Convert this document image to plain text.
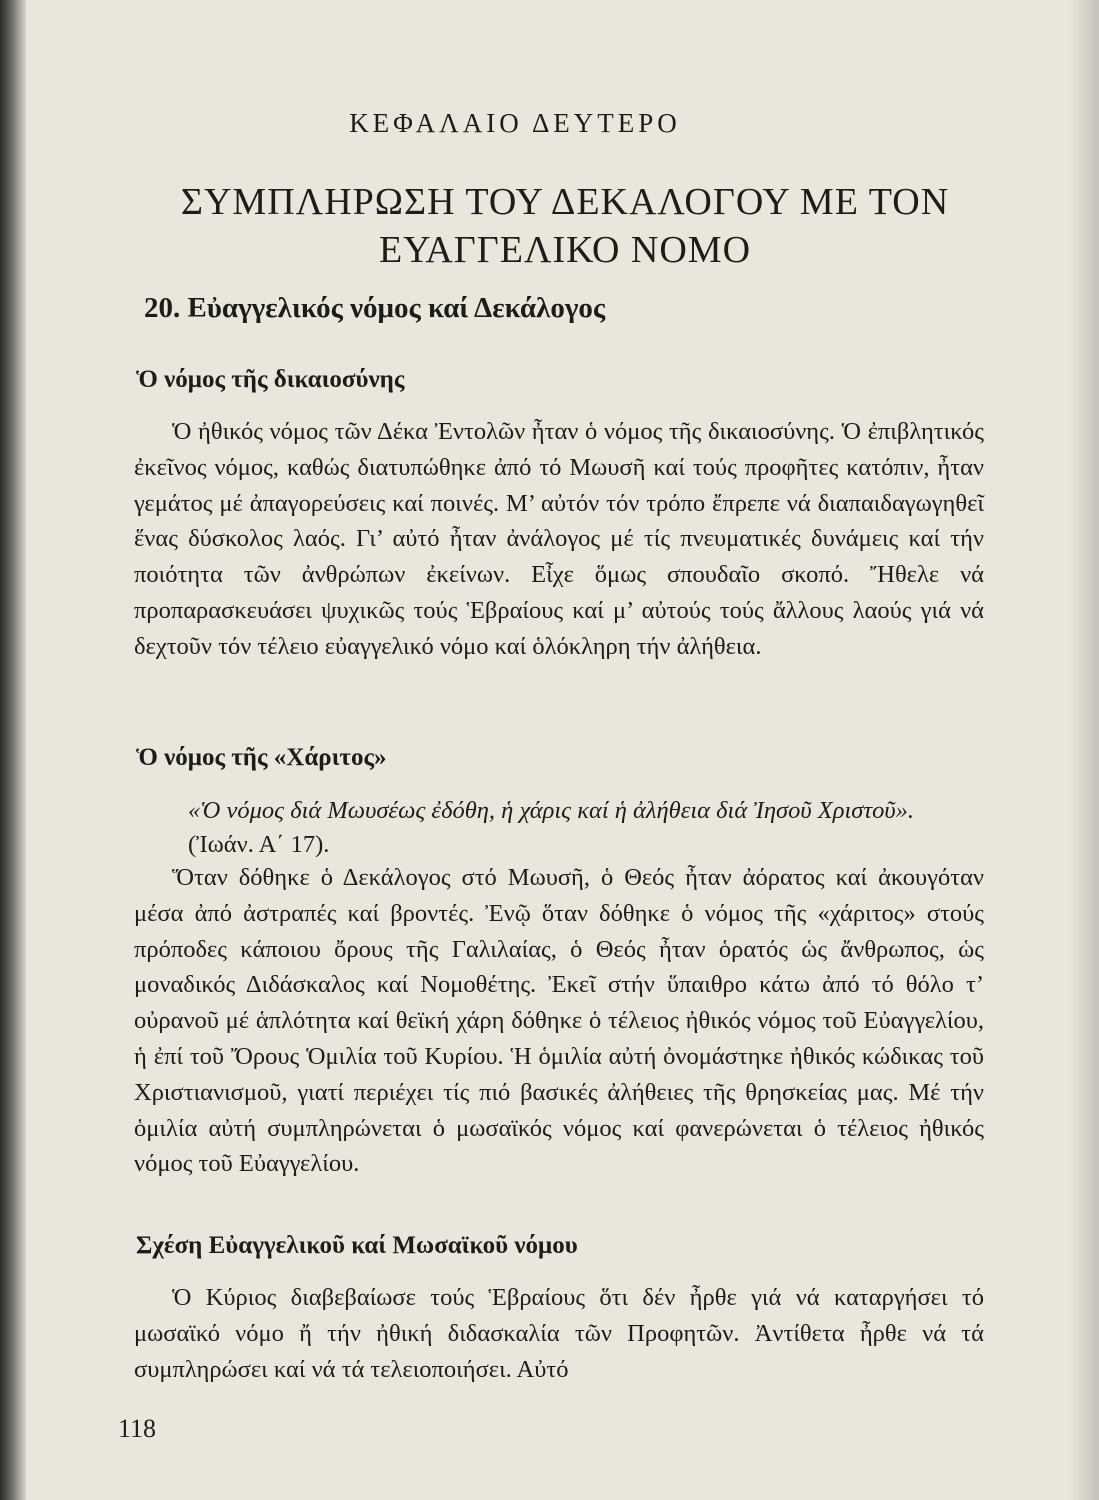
ΚΕΦΑΛΑΙΟ ΔΕΥΤΕΡΟ
ΣΥΜΠΛΗΡΩΣΗ ΤΟΥ ΔΕΚΑΛΟΓΟΥ ΜΕ ΤΟΝ
ΕΥΑΓΓΕΛΙΚΟ ΝΟΜΟ
20. Εὐαγγελικός νόμος καί Δεκάλογος
Ὁ νόμος τῆς δικαιοσύνης

Ὁ ἠθικός νόμος τῶν Δέκα Ἐντολῶν ἦταν ὁ νόμος τῆς δικαιοσύνης. Ὁ ἐπιβλητικός ἐκεῖνος νόμος, καθώς διατυπώθηκε ἀπό τό Μωυσῆ καί τούς προφῆτες κατόπιν, ἦταν γεμάτος μέ ἀπαγορεύσεις καί ποινές. Μ’ αὐτόν τόν τρόπο ἔπρεπε νά διαπαιδαγωγηθεῖ ἕνας δύσκολος λαός. Γι’ αὐτό ἦταν ἀνάλογος μέ τίς πνευματικές δυνάμεις καί τήν ποιότητα τῶν ἀνθρώπων ἐκείνων. Εἶχε ὅμως σπουδαῖο σκοπό. Ἤθελε νά προπαρασκευάσει ψυχικῶς τούς Ἑβραίους καί μ’ αὐτούς τούς ἄλλους λαούς γιά νά δεχτοῦν τόν τέλειο εὐαγγελικό νόμο καί ὁλόκληρη τήν ἀλήθεια.

Ὁ νόμος τῆς «Χάριτος»

«Ὁ νόμος διά Μωυσέως ἐδόθη, ἡ χάρις καί ἡ ἀλήθεια διά Ἰησοῦ Χριστοῦ». (Ἰωάν. Α΄ 17).

Ὅταν δόθηκε ὁ Δεκάλογος στό Μωυσῆ, ὁ Θεός ἦταν ἀόρατος καί ἀκουγόταν μέσα ἀπό ἀστραπές καί βροντές. Ἐνῷ ὅταν δόθηκε ὁ νόμος τῆς «χάριτος» στούς πρόποδες κάποιου ὄρους τῆς Γαλιλαίας, ὁ Θεός ἦταν ὁρατός ὡς ἄνθρωπος, ὡς μοναδικός Διδάσκαλος καί Νομοθέτης. Ἐκεῖ στήν ὕπαιθρο κάτω ἀπό τό θόλο τ’ οὐρανοῦ μέ ἁπλότητα καί θεϊκή χάρη δόθηκε ὁ τέλειος ἠθικός νόμος τοῦ Εὐαγγελίου, ἡ ἐπί τοῦ Ὄρους Ὁμιλία τοῦ Κυρίου. Ἡ ὁμιλία αὐτή ὀνομάστηκε ἠθικός κώδικας τοῦ Χριστιανισμοῦ, γιατί περιέχει τίς πιό βασικές ἀλήθειες τῆς θρησκείας μας. Μέ τήν ὁμιλία αὐτή συμπληρώνεται ὁ μωσαϊκός νόμος καί φανερώνεται ὁ τέλειος ἠθικός νόμος τοῦ Εὐαγγελίου.

Σχέση Εὐαγγελικοῦ καί Μωσαϊκοῦ νόμου

Ὁ Κύριος διαβεβαίωσε τούς Ἑβραίους ὅτι δέν ἦρθε γιά νά καταργήσει τό μωσαϊκό νόμο ἤ τήν ἠθική διδασκαλία τῶν Προφητῶν. Ἀντίθετα ἦρθε νά τά συμπληρώσει καί νά τά τελειοποιήσει. Αὐτό

118
